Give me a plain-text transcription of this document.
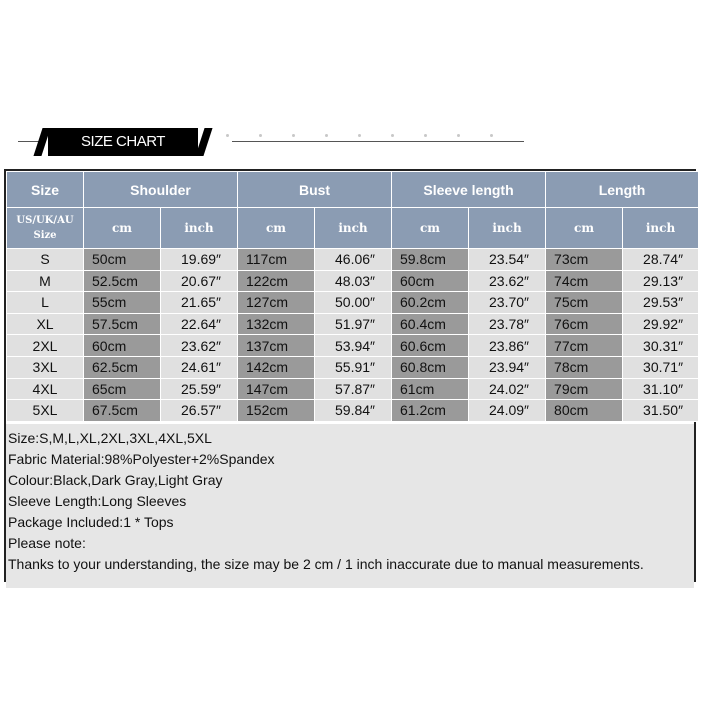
SIZE CHART
Size	Shoulder		Bust		Sleeve length		Length	
US/UK/AU Size	cm	inch	cm	inch	cm	inch	cm	inch
S	50cm	19.69″	117cm	46.06″	59.8cm	23.54″	73cm	28.74″
M	52.5cm	20.67″	122cm	48.03″	60cm	23.62″	74cm	29.13″
L	55cm	21.65″	127cm	50.00″	60.2cm	23.70″	75cm	29.53″
XL	57.5cm	22.64″	132cm	51.97″	60.4cm	23.78″	76cm	29.92″
2XL	60cm	23.62″	137cm	53.94″	60.6cm	23.86″	77cm	30.31″
3XL	62.5cm	24.61″	142cm	55.91″	60.8cm	23.94″	78cm	30.71″
4XL	65cm	25.59″	147cm	57.87″	61cm	24.02″	79cm	31.10″
5XL	67.5cm	26.57″	152cm	59.84″	61.2cm	24.09″	80cm	31.50″
Size:S,M,L,XL,2XL,3XL,4XL,5XL
Fabric Material:98%Polyester+2%Spandex
Colour:Black,Dark Gray,Light Gray
Sleeve Length:Long Sleeves
Package Included:1 * Tops
Please note:
Thanks to your understanding, the size may be 2 cm / 1 inch inaccurate due to manual measurements.
